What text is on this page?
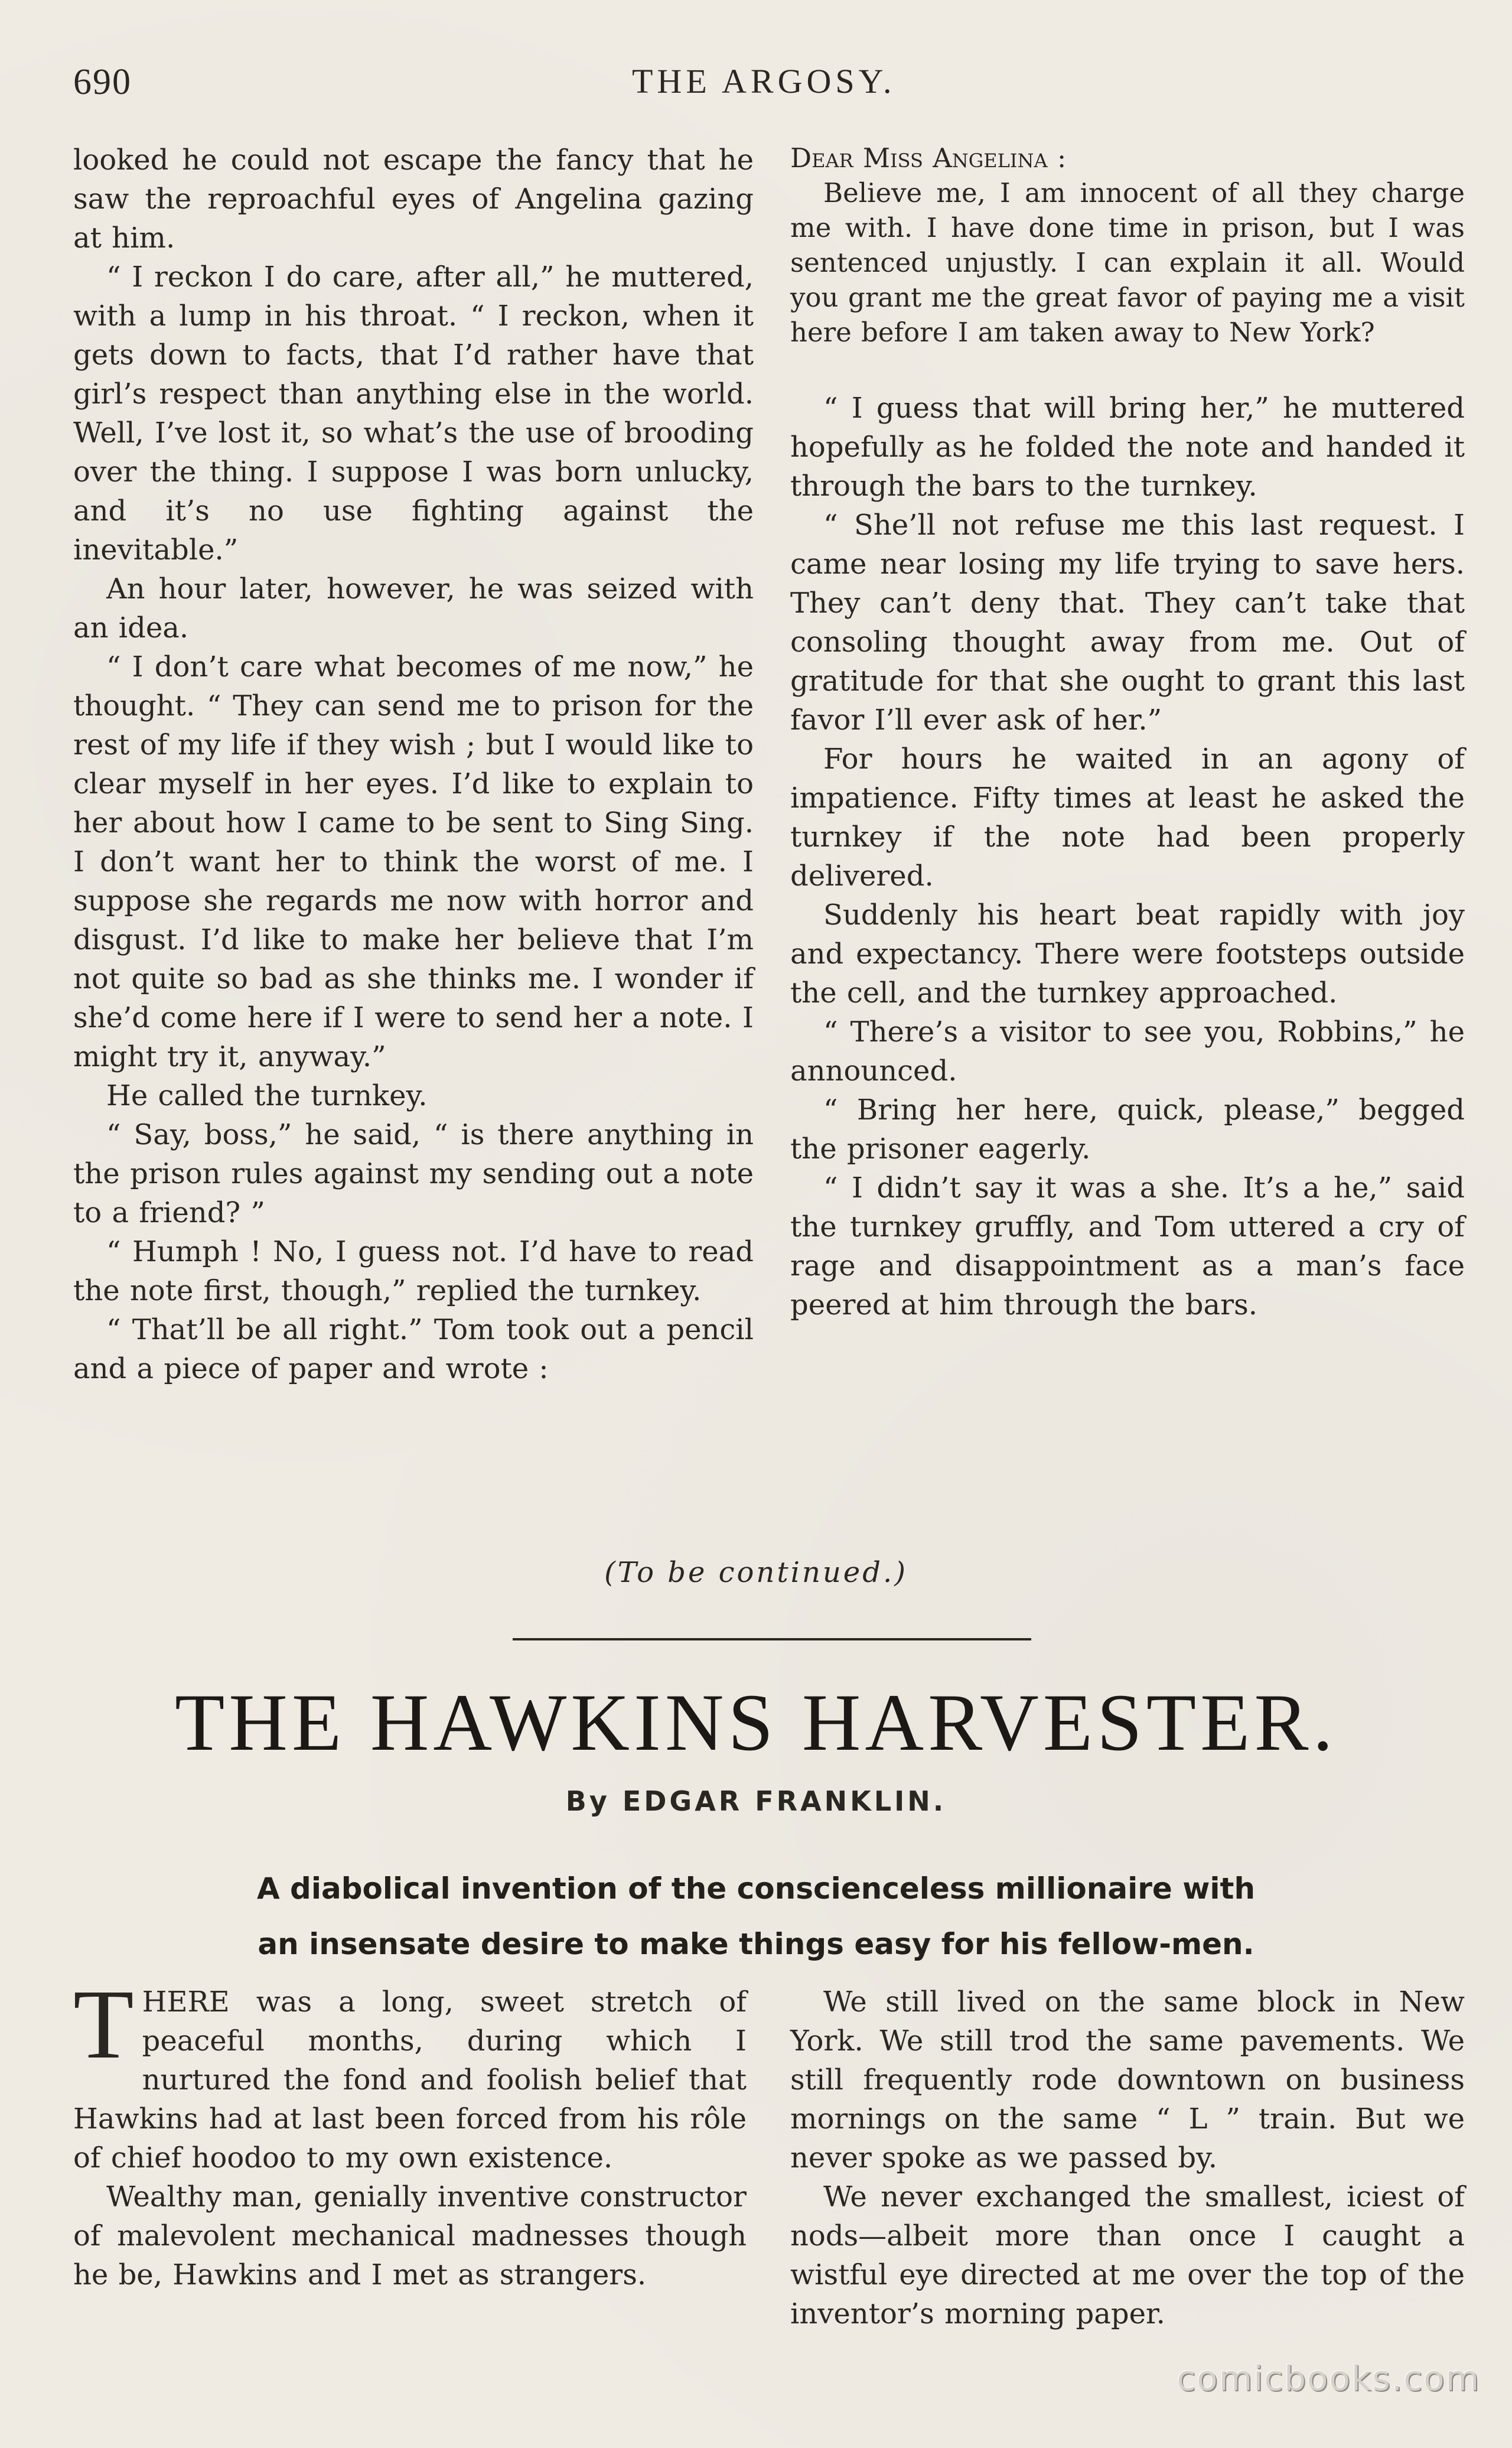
690	THE ARGOSY.

looked he could not escape the fancy that he saw the reproachful eyes of Angelina gazing at him.

“ I reckon I do care, after all,” he muttered, with a lump in his throat. “ I reckon, when it gets down to facts, that I’d rather have that girl’s respect than anything else in the world. Well, I’ve lost it, so what’s the use of brooding over the thing. I suppose I was born unlucky, and it’s no use fighting against the inevitable.”

An hour later, however, he was seized with an idea.

“ I don’t care what becomes of me now,” he thought. “ They can send me to prison for the rest of my life if they wish ; but I would like to clear myself in her eyes. I’d like to explain to her about how I came to be sent to Sing Sing. I don’t want her to think the worst of me. I suppose she regards me now with horror and disgust. I’d like to make her believe that I’m not quite so bad as she thinks me. I wonder if she’d come here if I were to send her a note. I might try it, anyway.”

He called the turnkey.

“ Say, boss,” he said, “ is there anything in the prison rules against my sending out a note to a friend? ”

“ Humph ! No, I guess not. I’d have to read the note first, though,” replied the turnkey.

“ That’ll be all right.” Tom took out a pencil and a piece of paper and wrote :

Dear Miss Angelina :

Believe me, I am innocent of all they charge me with. I have done time in prison, but I was sentenced unjustly. I can explain it all. Would you grant me the great favor of paying me a visit here before I am taken away to New York?

“ I guess that will bring her,” he muttered hopefully as he folded the note and handed it through the bars to the turnkey.

“ She’ll not refuse me this last request. I came near losing my life trying to save hers. They can’t deny that. They can’t take that consoling thought away from me. Out of gratitude for that she ought to grant this last favor I’ll ever ask of her.”

For hours he waited in an agony of impatience. Fifty times at least he asked the turnkey if the note had been properly delivered.

Suddenly his heart beat rapidly with joy and expectancy. There were footsteps outside the cell, and the turnkey approached.

“ There’s a visitor to see you, Robbins,” he announced.

“ Bring her here, quick, please,” begged the prisoner eagerly.

“ I didn’t say it was a she. It’s a he,” said the turnkey gruffly, and Tom uttered a cry of rage and disappointment as a man’s face peered at him through the bars.

(To be continued.)
THE HAWKINS HARVESTER.
By EDGAR FRANKLIN.
A diabolical invention of the conscienceless millionaire with
an insensate desire to make things easy for his fellow-men.

THERE was a long, sweet stretch of peaceful months, during which I nurtured the fond and foolish belief that Hawkins had at last been forced from his rôle of chief hoodoo to my own existence.

Wealthy man, genially inventive constructor of malevolent mechanical madnesses though he be, Hawkins and I met as strangers.

We still lived on the same block in New York. We still trod the same pavements. We still frequently rode downtown on business mornings on the same “ L ” train. But we never spoke as we passed by.

We never exchanged the smallest, iciest of nods—albeit more than once I caught a wistful eye directed at me over the top of the inventor’s morning paper.

comicbooks.com
